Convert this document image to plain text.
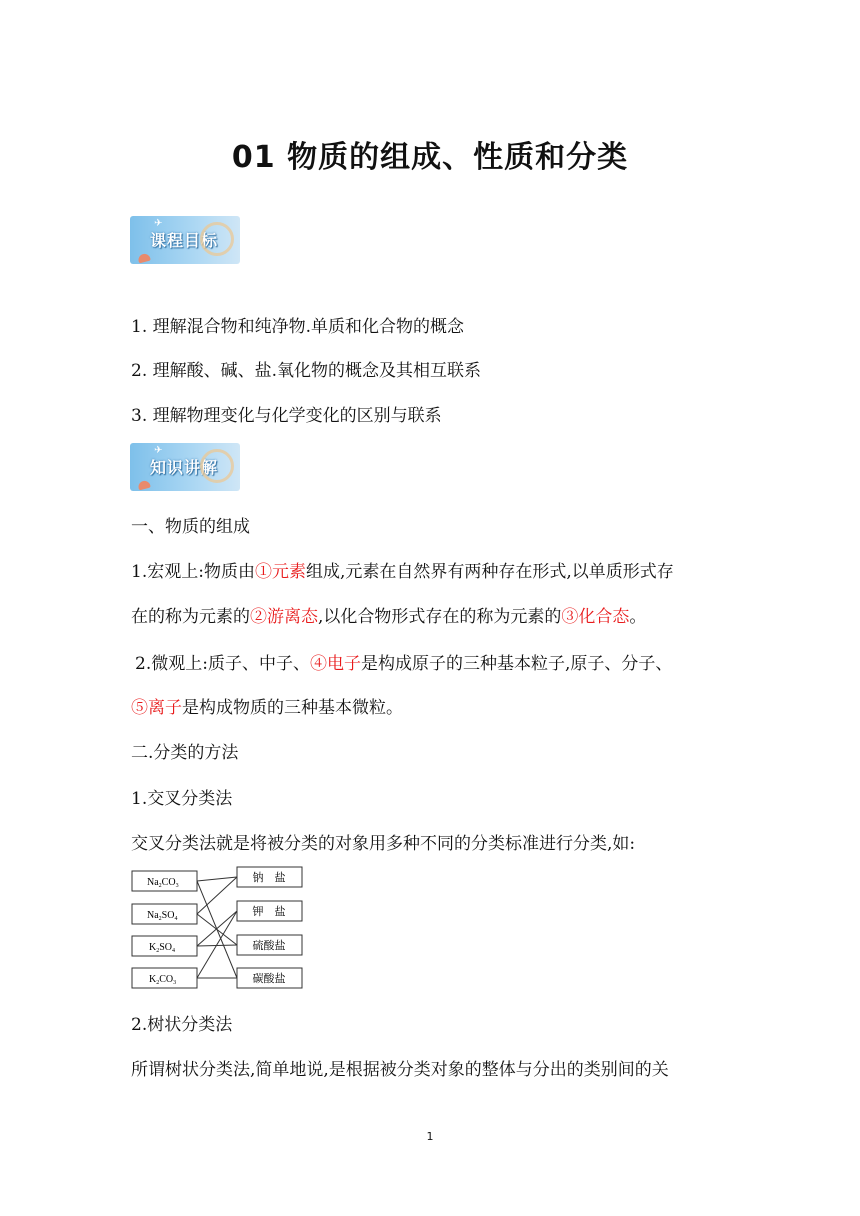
01 物质的组成、性质和分类
✈
课程目标
1. 理解混合物和纯净物.单质和化合物的概念
2. 理解酸、碱、盐.氧化物的概念及其相互联系
3. 理解物理变化与化学变化的区别与联系
✈
知识讲解
一、物质的组成
1.宏观上:物质由①元素组成,元素在自然界有两种存在形式,以单质形式存
在的称为元素的②游离态,以化合物形式存在的称为元素的③化合态。
2.微观上:质子、中子、④电子是构成原子的三种基本粒子,原子、分子、
⑤离子是构成物质的三种基本微粒。
二.分类的方法
1.交叉分类法
交叉分类法就是将被分类的对象用多种不同的分类标准进行分类,如:
$Na_2CO_3$
$Na_2SO_4$
$K_2SO_4$
$K_2CO_3$
钠　盐
钾　盐
硫酸盐
碳酸盐
2.树状分类法
所谓树状分类法,简单地说,是根据被分类对象的整体与分出的类别间的关
1
